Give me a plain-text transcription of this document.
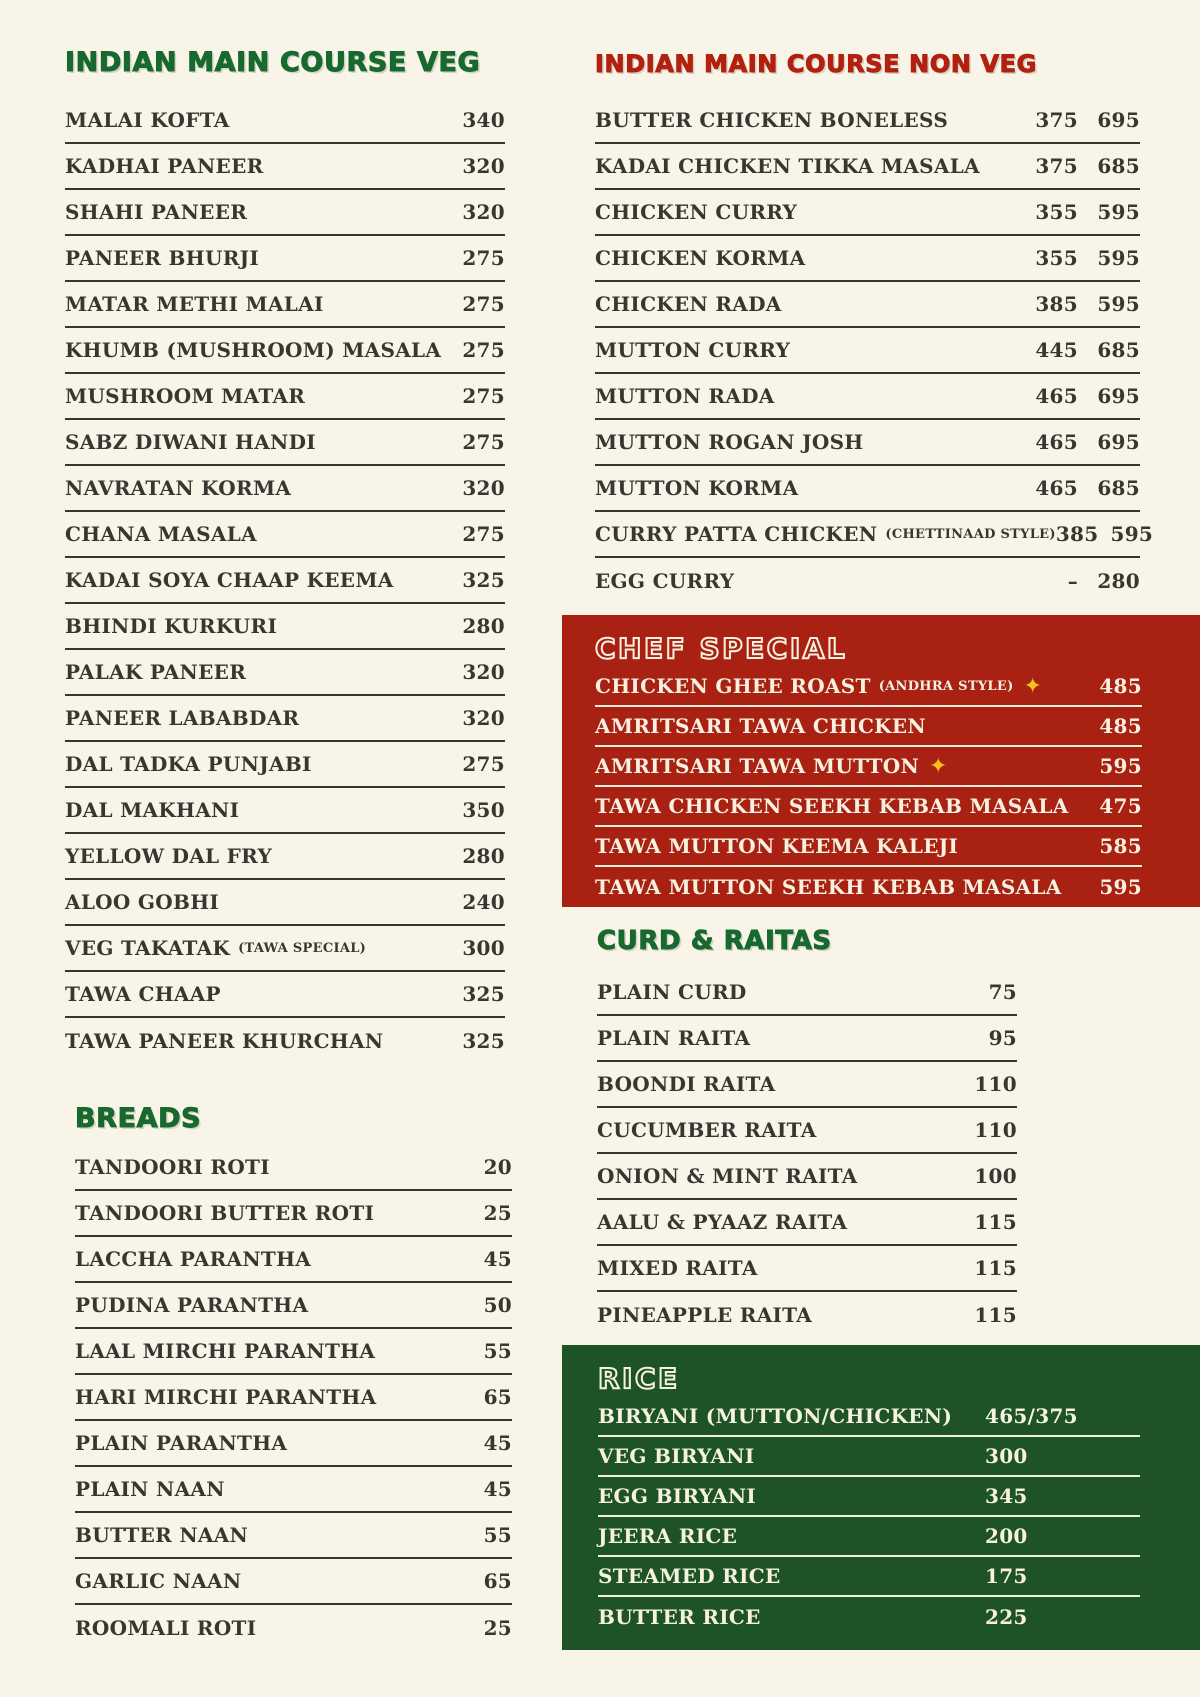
INDIAN MAIN COURSE VEG
MALAI KOFTA	340
KADHAI PANEER	320
SHAHI PANEER	320
PANEER BHURJI	275
MATAR METHI MALAI	275
KHUMB (MUSHROOM) MASALA 275
MUSHROOM MATAR	275
SABZ DIWANI HANDI	275
NAVRATAN KORMA	320
CHANA MASALA	275
KADAI SOYA CHAAP KEEMA	325
BHINDI KURKURI	280
PALAK PANEER	320
PANEER LABABDAR	320
DAL TADKA PUNJABI	275
DAL MAKHANI	350
YELLOW DAL FRY	280
ALOO GOBHI	240
VEG TAKATAK (TAWA SPECIAL)	300
TAWA CHAAP	325
TAWA PANEER KHURCHAN	325
INDIAN MAIN COURSE NON VEG
BUTTER CHICKEN BONELESS	375 695
KADAI CHICKEN TIKKA MASALA	375 685
CHICKEN CURRY	355 595
CHICKEN KORMA	355 595
CHICKEN RADA	385 595
MUTTON CURRY	445 685
MUTTON RADA	465 695
MUTTON ROGAN JOSH	465 695
MUTTON KORMA	465 685
CURRY PATTA CHICKEN (CHETTINAAD STYLE) 385 595
EGG CURRY	– 280
CHEF SPECIAL
CHICKEN GHEE ROAST (ANDHRA STYLE) ✦	485
AMRITSARI TAWA CHICKEN	485
AMRITSARI TAWA MUTTON ✦	595
TAWA CHICKEN SEEKH KEBAB MASALA 475
TAWA MUTTON KEEMA KALEJI	585
TAWA MUTTON SEEKH KEBAB MASALA 595
CURD & RAITAS
PLAIN CURD	75
PLAIN RAITA	95
BOONDI RAITA	110
CUCUMBER RAITA	110
ONION & MINT RAITA	100
AALU & PYAAZ RAITA	115
MIXED RAITA	115
PINEAPPLE RAITA	115
BREADS
TANDOORI ROTI	20
TANDOORI BUTTER ROTI	25
LACCHA PARANTHA	45
PUDINA PARANTHA	50
LAAL MIRCHI PARANTHA	55
HARI MIRCHI PARANTHA	65
PLAIN PARANTHA	45
PLAIN NAAN	45
BUTTER NAAN	55
GARLIC NAAN	65
ROOMALI ROTI	25
RICE
BIRYANI (MUTTON/CHICKEN) 465/375
VEG BIRYANI	300
EGG BIRYANI	345
JEERA RICE	200
STEAMED RICE	175
BUTTER RICE	225
